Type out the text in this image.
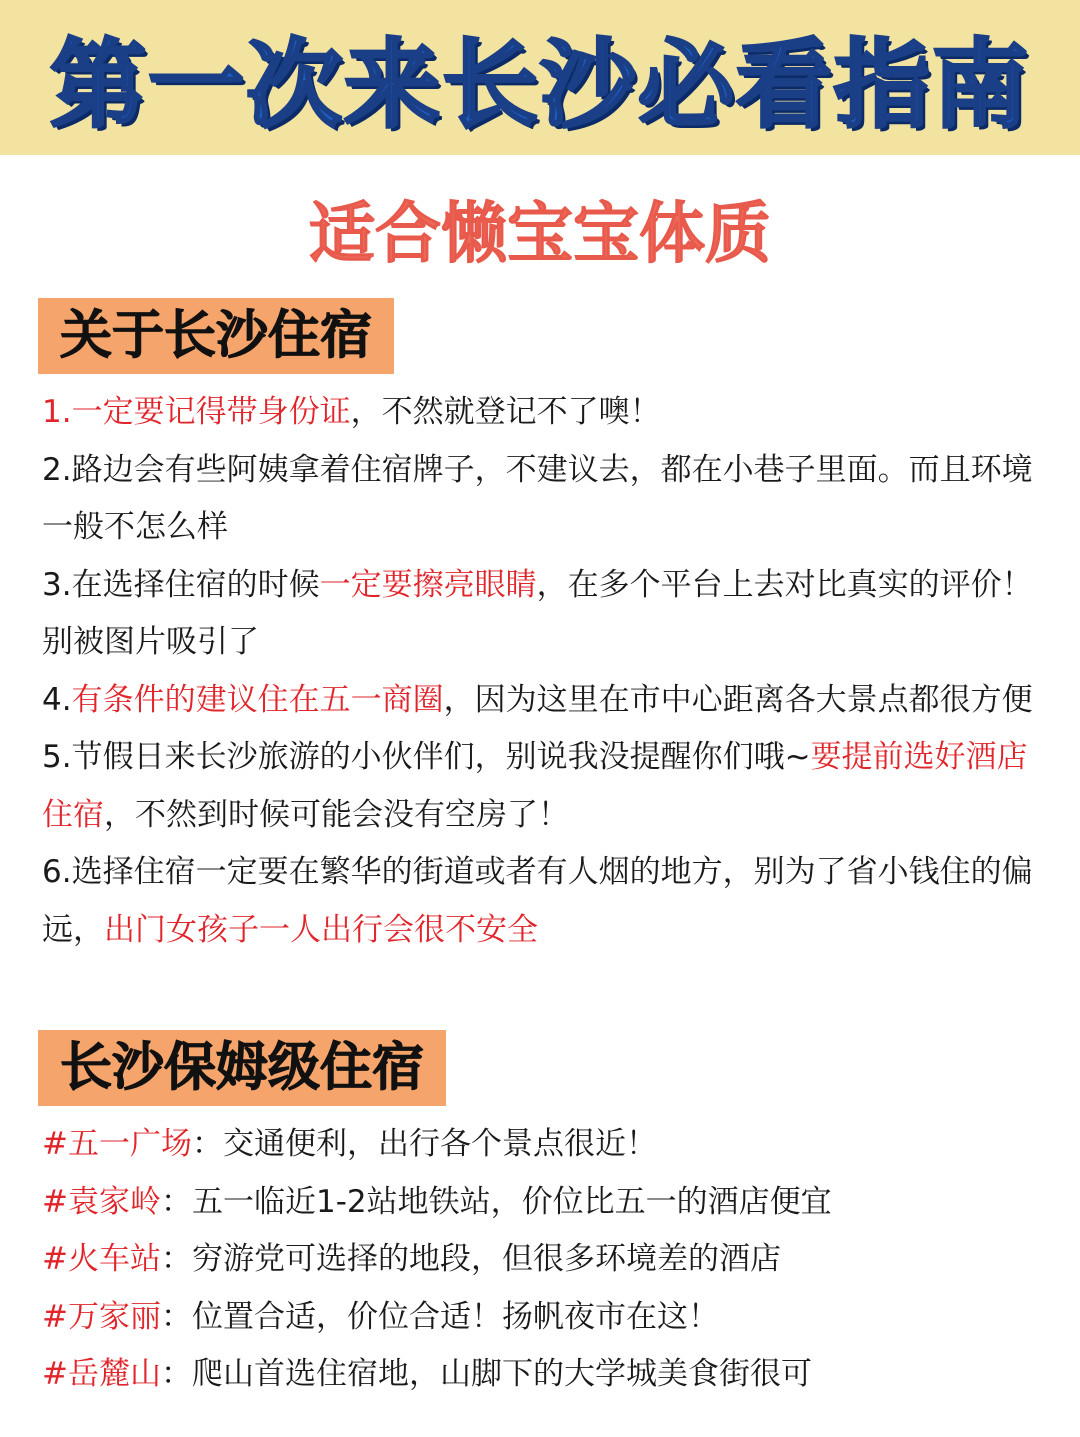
第一次来长沙必看指南

适合懒宝宝体质

关于长沙住宿

1.一定要记得带身份证，不然就登记不了噢！

2.路边会有些阿姨拿着住宿牌子，不建议去，都在小巷子里面。而且环境一般不怎么样

3.在选择住宿的时候一定要擦亮眼睛，在多个平台上去对比真实的评价！别被图片吸引了

4.有条件的建议住在五一商圈，因为这里在市中心距离各大景点都很方便

5.节假日来长沙旅游的小伙伴们，别说我没提醒你们哦~要提前选好酒店住宿，不然到时候可能会没有空房了！

6.选择住宿一定要在繁华的街道或者有人烟的地方，别为了省小钱住的偏远，出门女孩子一人出行会很不安全

长沙保姆级住宿

#五一广场：交通便利，出行各个景点很近！

#袁家岭：五一临近1-2站地铁站，价位比五一的酒店便宜

#火车站：穷游党可选择的地段，但很多环境差的酒店

#万家丽：位置合适，价位合适！扬帆夜市在这！

#岳麓山：爬山首选住宿地，山脚下的大学城美食街很可
